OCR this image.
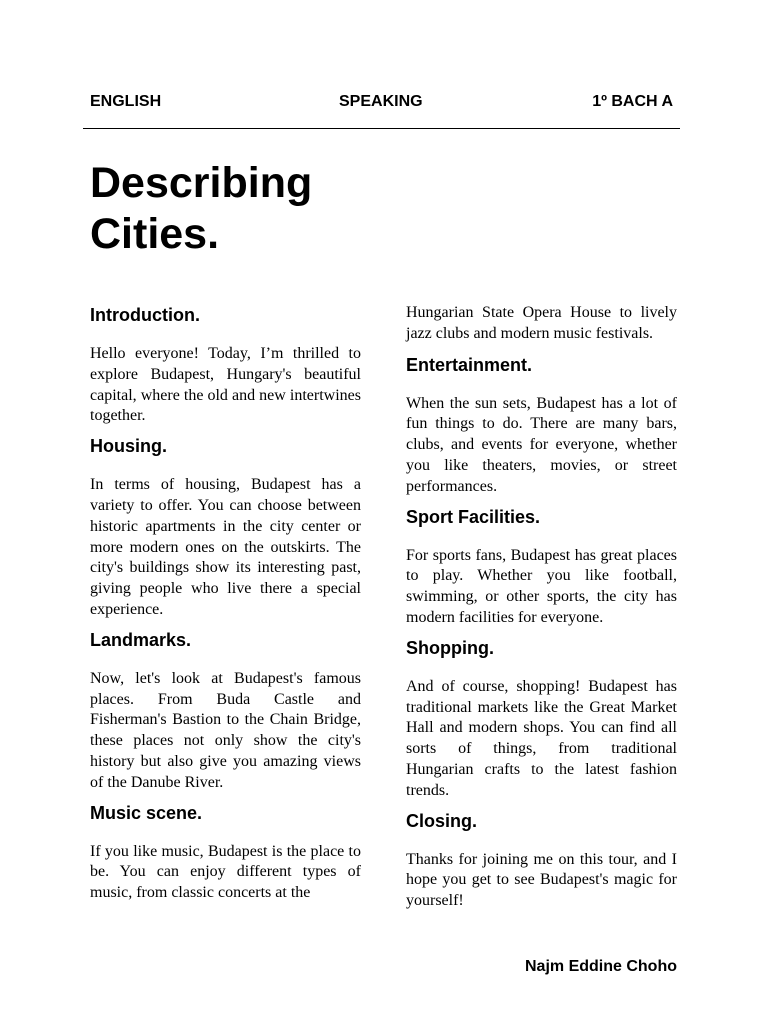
ENGLISH	SPEAKING	1º BACH A
Describing Cities.
Introduction.

Hello everyone! Today, I’m thrilled to explore Budapest, Hungary's beautiful capital, where the old and new intertwines together.

Housing.

In terms of housing, Budapest has a variety to offer. You can choose between historic apartments in the city center or more modern ones on the outskirts. The city's buildings show its interesting past, giving people who live there a special experience.

Landmarks.

Now, let's look at Budapest's famous places. From Buda Castle and Fisherman's Bastion to the Chain Bridge, these places not only show the city's history but also give you amazing views of the Danube River.

Music scene.

If you like music, Budapest is the place to be. You can enjoy different types of music, from classic concerts at the

Hungarian State Opera House to lively jazz clubs and modern music festivals.

Entertainment.

When the sun sets, Budapest has a lot of fun things to do. There are many bars, clubs, and events for everyone, whether you like theaters, movies, or street performances.

Sport Facilities.

For sports fans, Budapest has great places to play. Whether you like football, swimming, or other sports, the city has modern facilities for everyone.

Shopping.

And of course, shopping! Budapest has traditional markets like the Great Market Hall and modern shops. You can find all sorts of things, from traditional Hungarian crafts to the latest fashion trends.

Closing.

Thanks for joining me on this tour, and I hope you get to see Budapest's magic for yourself!

Najm Eddine Choho
